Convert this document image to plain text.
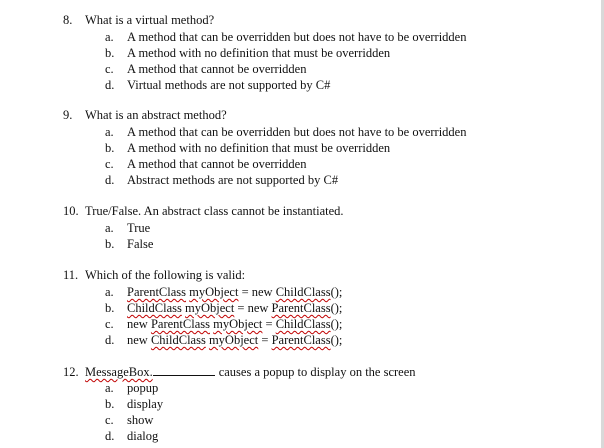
8. What is a virtual method?
a. A method that can be overridden but does not have to be overridden
b. A method with no definition that must be overridden
c. A method that cannot be overridden
d. Virtual methods are not supported by C#
9. What is an abstract method?
a. A method that can be overridden but does not have to be overridden
b. A method with no definition that must be overridden
c. A method that cannot be overridden
d. Abstract methods are not supported by C#
10. True/False. An abstract class cannot be instantiated.
a. True
b. False
11. Which of the following is valid:
a. ParentClass myObject = new ChildClass();
b. ChildClass myObject = new ParentClass();
c. new ParentClass myObject = ChildClass();
d. new ChildClass myObject = ParentClass();
12. MessageBox.	causes a popup to display on the screen
a. popup
b. display
c. show
d. dialog
